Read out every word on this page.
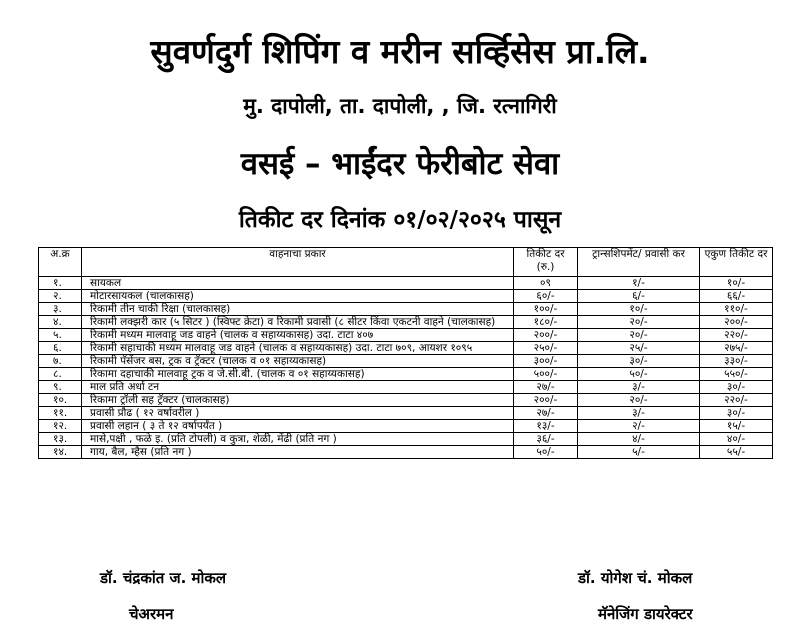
सुवर्णदुर्ग शिपिंग व मरीन सर्व्हिसेस प्रा.लि.
मु. दापोली, ता. दापोली, , जि. रत्नागिरी
वसई – भाईंदर फेरीबोट सेवा
तिकीट दर दिनांक ०१/०२/२०२५ पासून
अ.क्र	वाहनाचा प्रकार	तिकीट दर (रु.)	ट्रान्सशिपमेंट/ प्रवासी कर	एकुण तिकीट दर
१.	सायकल	०९	१/-	१०/-
२.	मोटारसायकल (चालकासह)	६०/-	६/-	६६/-
३.	रिकामी तीन चाकी रिक्षा (चालकासह)	१००/-	१०/-	११०/-
४.	रिकामी लक्झरी कार (५ सिटर ) (स्विफ्ट क्रेटा) व रिकामी प्रवासी (८ सीटर किंवा एकटनी वाहने (चालकासह)	१८०/-	२०/-	२००/-
५.	रिकामी मध्यम मालवाहू जड वाहने (चालक व सहाय्यकासह) उदा. टाटा ४०७	२००/-	२०/-	२२०/-
६.	रिकामी सहाचाकी मध्यम मालवाहू जड वाहने (चालक व सहाय्यकासह) उदा. टाटा ७०९, आयशर १०९५	२५०/-	२५/-	२७५/-
७.	रिकामी पॅसेंजर बस, ट्रक व ट्रॅक्टर (चालक व ०१ सहाय्यकासह)	३००/-	३०/-	३३०/-
८.	रिकामा दहाचाकी मालवाहू ट्रक व जे.सी.बी. (चालक व ०१ सहाय्यकासह)	५००/-	५०/-	५५०/-
९.	माल प्रति अर्धा टन	२७/-	३/-	३०/-
१०.	रिकामा ट्रॉली सह ट्रॅक्टर (चालकासह)	२००/-	२०/-	२२०/-
११.	प्रवासी प्रौढ ( १२ वर्षावरील )	२७/-	३/-	३०/-
१२.	प्रवासी लहान ( ३ ते १२ वर्षापर्यंत )	१३/-	२/-	१५/-
१३.	मासे,पक्षी , फळे इ. (प्रति टोपली) व कुत्रा, शेळी, मेंढी (प्रति नग )	३६/-	४/-	४०/-
१४.	गाय, बैल, म्हैस (प्रति नग )	५०/-	५/-	५५/-
डॉ. चंद्रकांत ज. मोकल
चेअरमन
डॉ. योगेश चं. मोकल
मॅनेजिंग डायरेक्टर
